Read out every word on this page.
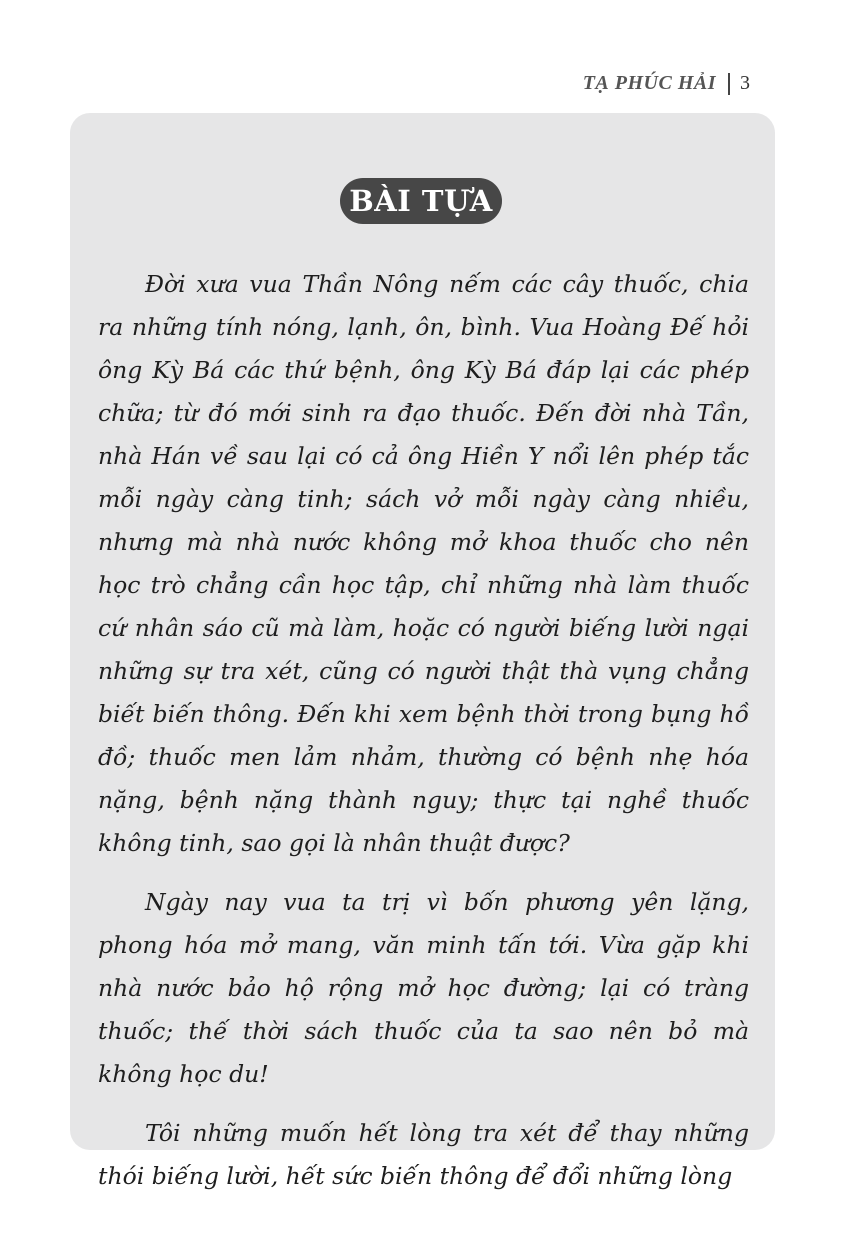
TẠ PHÚC HẢI 3
BÀI TỰA

Đời xưa vua Thần Nông nếm các cây thuốc, chia ra những tính nóng, lạnh, ôn, bình. Vua Hoàng Đế hỏi ông Kỳ Bá các thứ bệnh, ông Kỳ Bá đáp lại các phép chữa; từ đó mới sinh ra đạo thuốc. Đến đời nhà Tần, nhà Hán về sau lại có cả ông Hiền Y nổi lên phép tắc mỗi ngày càng tinh; sách vở mỗi ngày càng nhiều, nhưng mà nhà nước không mở khoa thuốc cho nên học trò chẳng cần học tập, chỉ những nhà làm thuốc cứ nhân sáo cũ mà làm, hoặc có người biếng lười ngại những sự tra xét, cũng có người thật thà vụng chẳng biết biến thông. Đến khi xem bệnh thời trong bụng hồ đồ; thuốc men lảm nhảm, thường có bệnh nhẹ hóa nặng, bệnh nặng thành nguy; thực tại nghề thuốc không tinh, sao gọi là nhân thuật được?

Ngày nay vua ta trị vì bốn phương yên lặng, phong hóa mở mang, văn minh tấn tới. Vừa gặp khi nhà nước bảo hộ rộng mở học đường; lại có tràng thuốc; thế thời sách thuốc của ta sao nên bỏ mà không học du!

Tôi những muốn hết lòng tra xét để thay những thói biếng lười, hết sức biến thông để đổi những lòng
